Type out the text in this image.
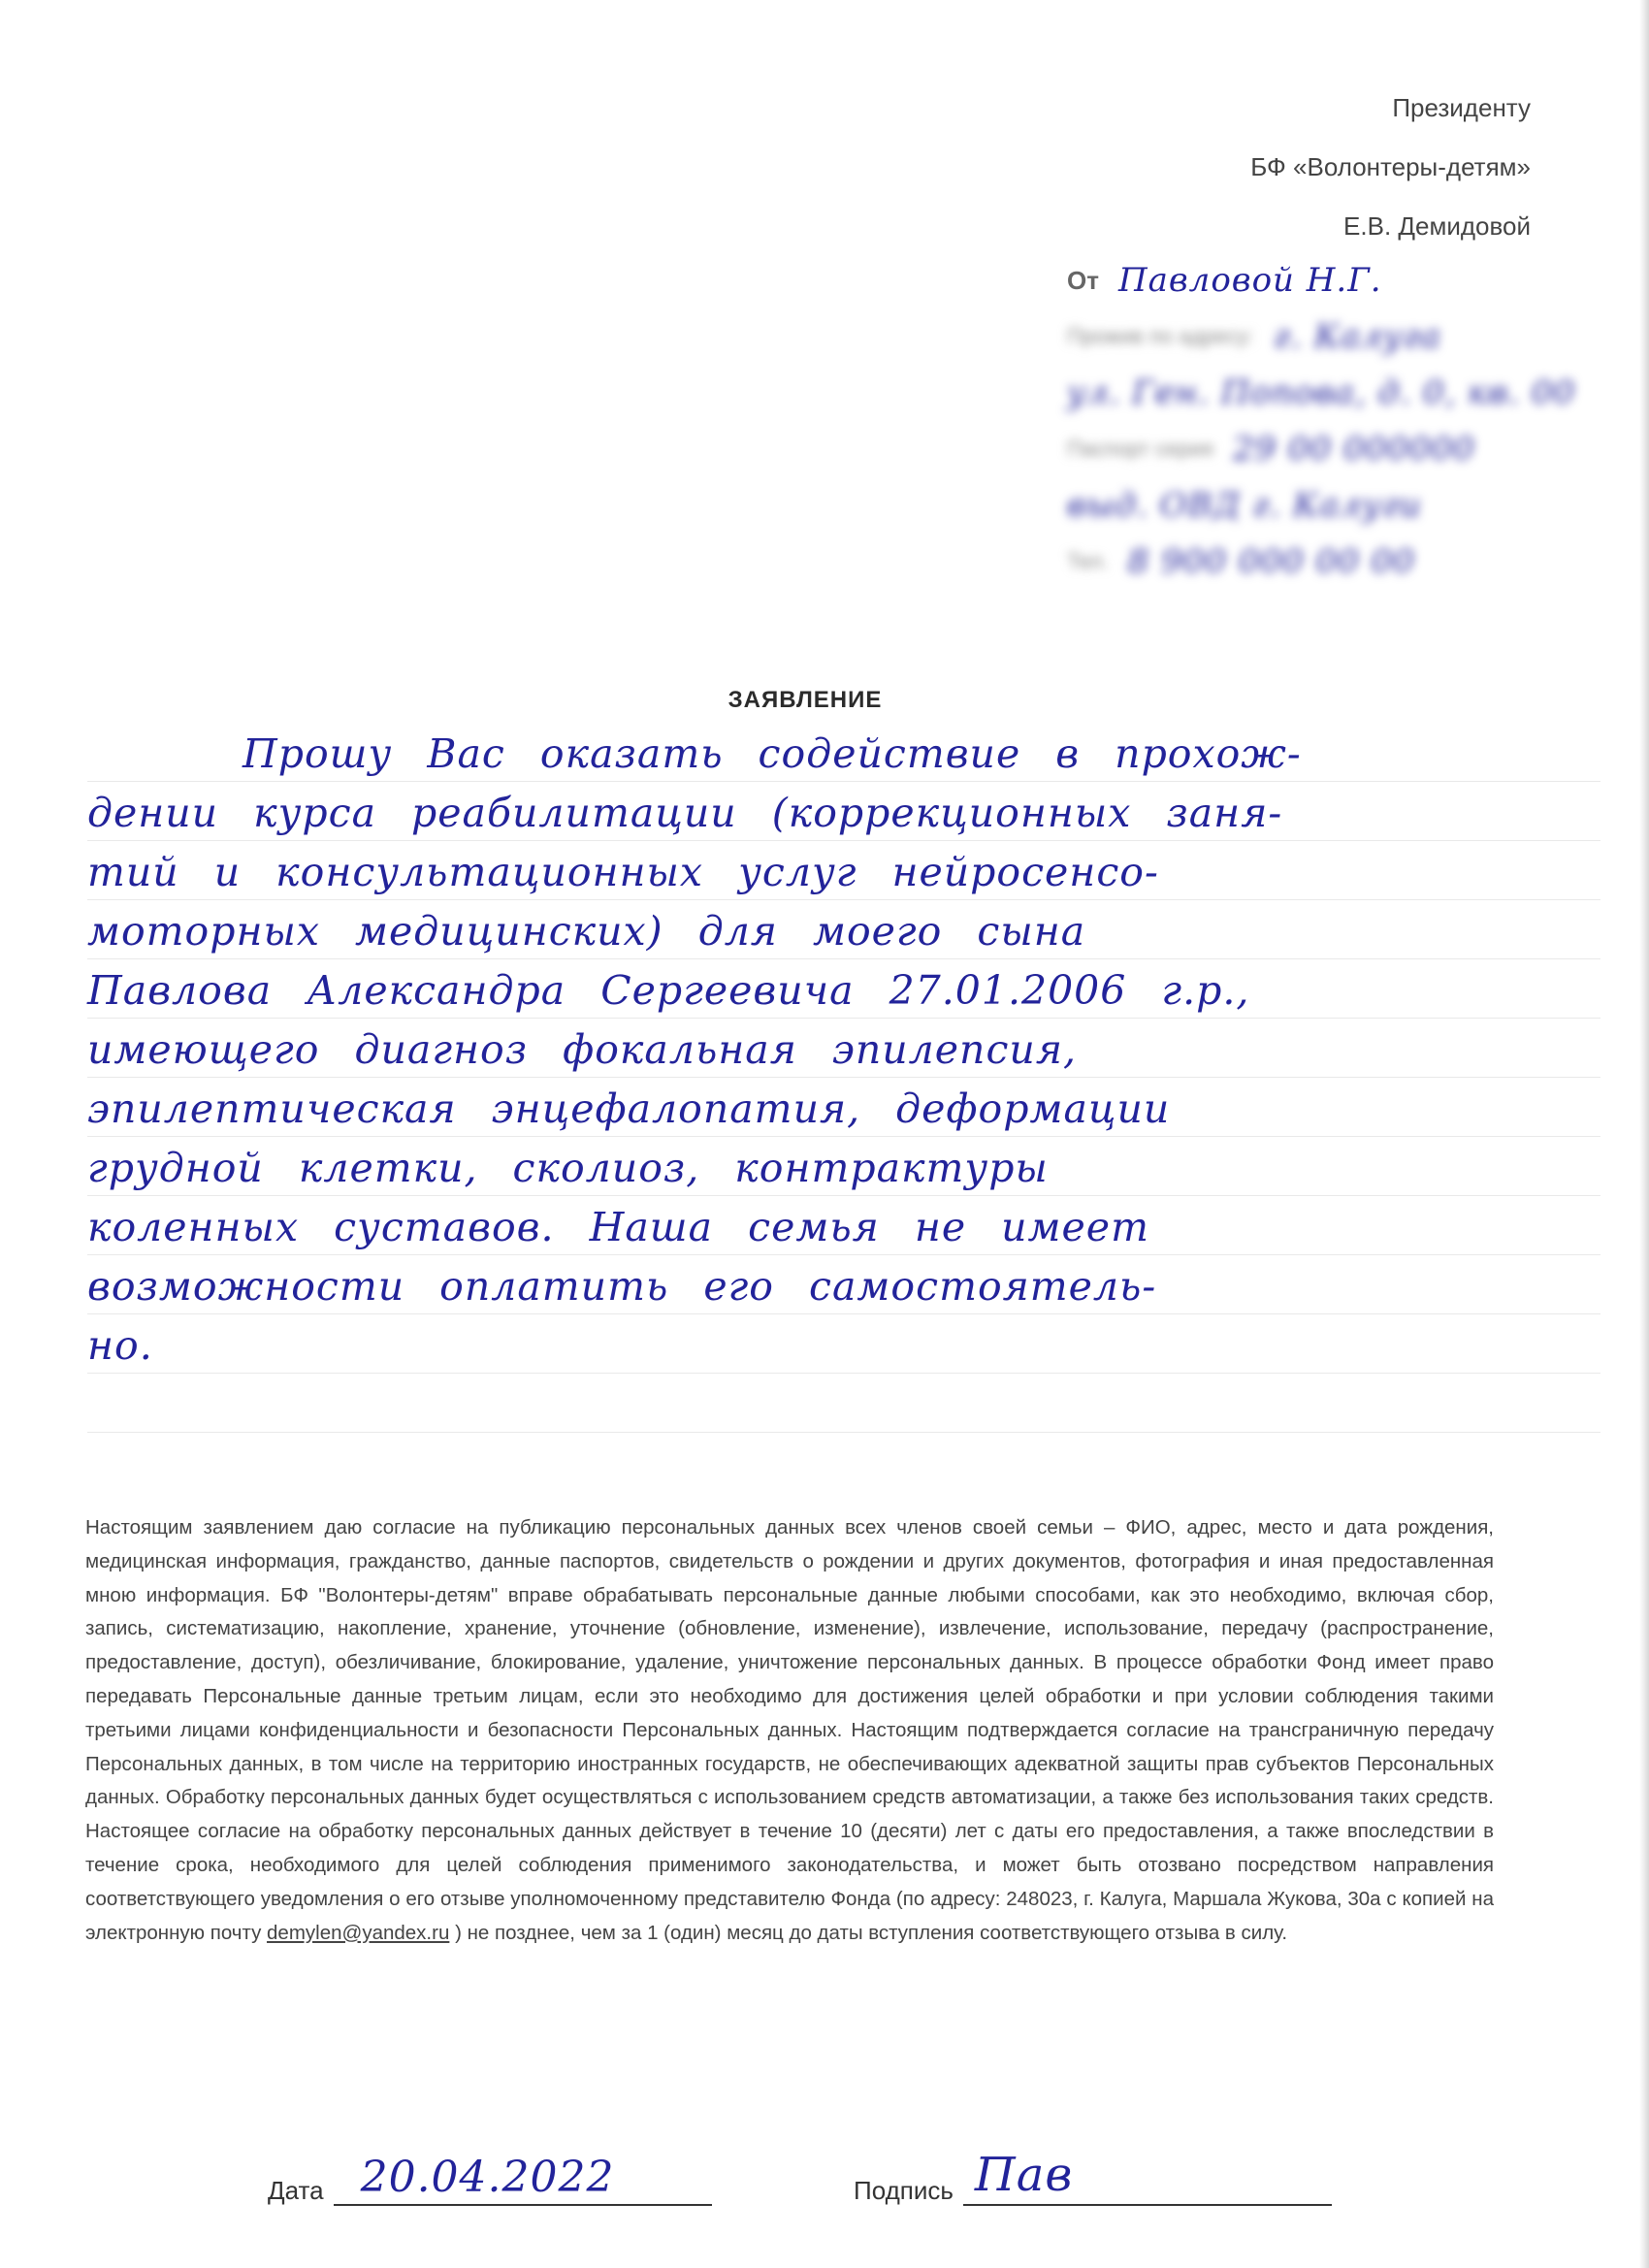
Президенту
БФ «Волонтеры-детям»
Е.В. Демидовой
От Павловой Н.Г.
Прожив по адресу: г. Калуга
ул. Ген. Попова, д. 0, кв. 00
Паспорт серия 29 00 000000
выд. ОВД г. Калуги
Тел. 8 900 000 00 00
ЗАЯВЛЕНИЕ
Прошу Вас оказать содействие в прохож-
дении курса реабилитации (коррекционных заня-
тий и консультационных услуг нейросенсо-
моторных медицинских) для моего сына
Павлова Александра Сергеевича 27.01.2006 г.р.,
имеющего диагноз фокальная эпилепсия,
эпилептическая энцефалопатия, деформации
грудной клетки, сколиоз, контрактуры
коленных суставов. Наша семья не имеет
возможности оплатить его самостоятель-
но.

Настоящим заявлением даю согласие на публикацию персональных данных всех членов своей семьи – ФИО, адрес, место и дата рождения, медицинская информация, гражданство, данные паспортов, свидетельств о рождении и других документов, фотография и иная предоставленная мною информация. БФ "Волонтеры-детям" вправе обрабатывать персональные данные любыми способами, как это необходимо, включая сбор, запись, систематизацию, накопление, хранение, уточнение (обновление, изменение), извлечение, использование, передачу (распространение, предоставление, доступ), обезличивание, блокирование, удаление, уничтожение персональных данных. В процессе обработки Фонд имеет право передавать Персональные данные третьим лицам, если это необходимо для достижения целей обработки и при условии соблюдения такими третьими лицами конфиденциальности и безопасности Персональных данных. Настоящим подтверждается согласие на трансграничную передачу Персональных данных, в том числе на территорию иностранных государств, не обеспечивающих адекватной защиты прав субъектов Персональных данных. Обработку персональных данных будет осуществляться с использованием средств автоматизации, а также без использования таких средств. Настоящее согласие на обработку персональных данных действует в течение 10 (десяти) лет с даты его предоставления, а также впоследствии в течение срока, необходимого для целей соблюдения применимого законодательства, и может быть отозвано посредством направления соответствующего уведомления о его отзыве уполномоченному представителю Фонда (по адресу: 248023, г. Калуга, Маршала Жукова, 30а с копией на электронную почту demylen@yandex.ru ) не позднее, чем за 1 (один) месяц до даты вступления соответствующего отзыва в силу.

Дата 20.04.2022	Подпись Пав
